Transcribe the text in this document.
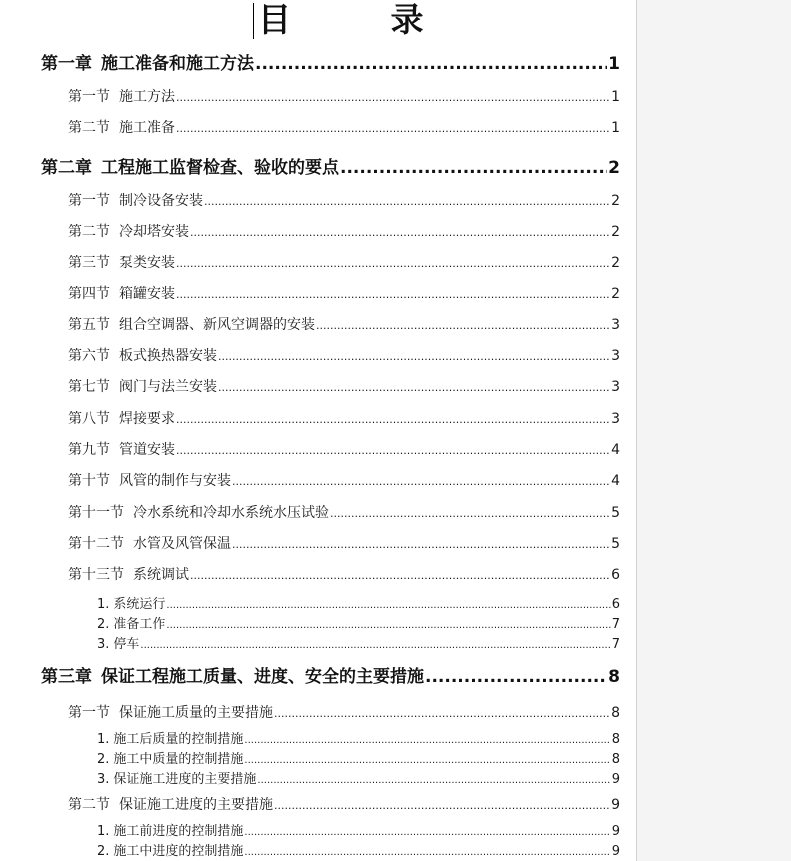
目 录
第一章 施工准备和施工方法 .....	1
第一节 施工方法 .....	1
第二节 施工准备 .....	1
第二章 工程施工监督检查、验收的要点 .....	2
第一节 制冷设备安装 .....	2
第二节 冷却塔安装 .....	2
第三节 泵类安装 .....	2
第四节 箱罐安装 .....	2
第五节 组合空调器、新风空调器的安装 .....	3
第六节 板式换热器安装 .....	3
第七节 阀门与法兰安装 .....	3
第八节 焊接要求 .....	3
第九节 管道安装 .....	4
第十节 风管的制作与安装 .....	4
第十一节 冷水系统和冷却水系统水压试验 .....	5
第十二节 水管及风管保温 .....	5
第十三节 系统调试 .....	6
1. 系统运行 .....	6
2. 准备工作 .....	7
3. 停车 .....	7
第三章 保证工程施工质量、进度、安全的主要措施 .....	8
第一节 保证施工质量的主要措施 .....	8
1. 施工后质量的控制措施 .....	8
2. 施工中质量的控制措施 .....	8
3. 保证施工进度的主要措施 .....	9
第二节 保证施工进度的主要措施 .....	9
1. 施工前进度的控制措施 .....	9
2. 施工中进度的控制措施 .....	9
